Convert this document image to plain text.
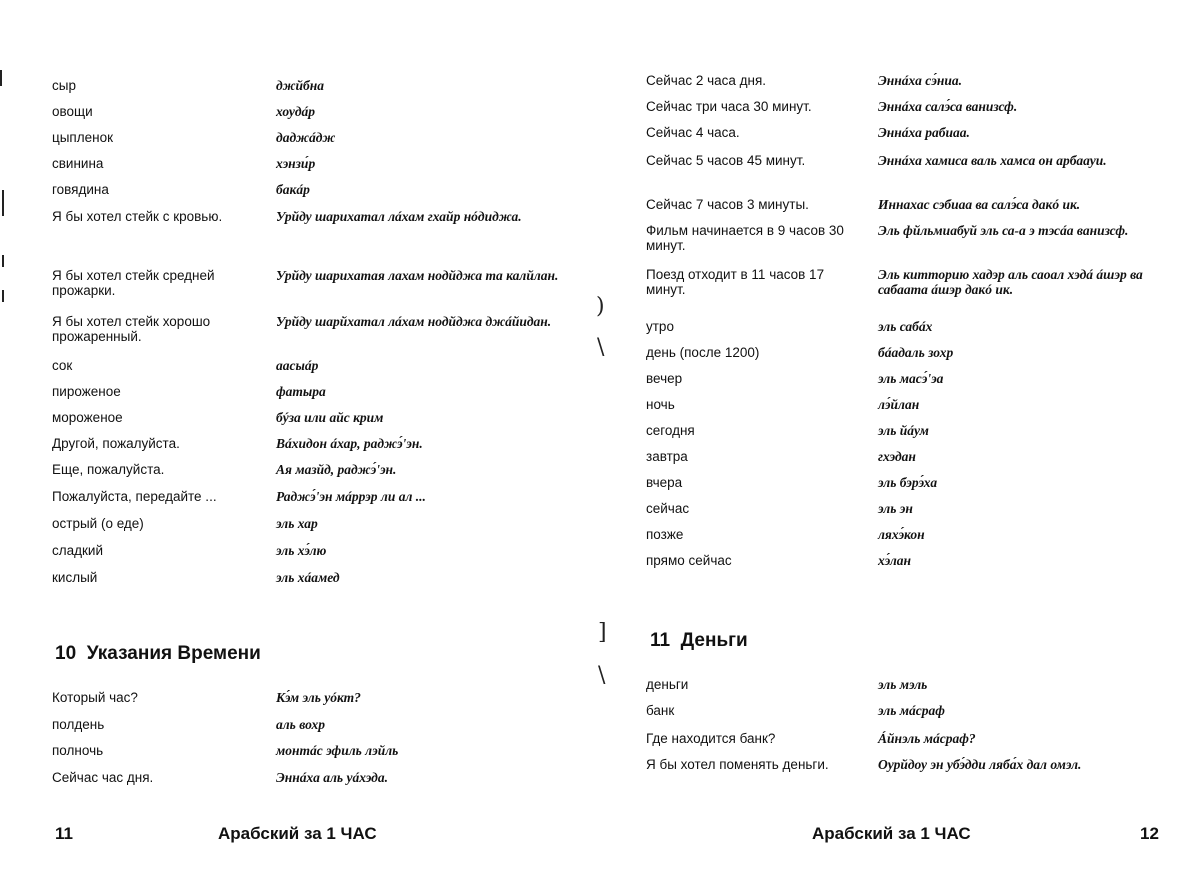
сыр	джйбна
овощи	хоудáр
цыпленок	даджáдж
свинина	хэнзи́р
говядина	бакáр
Я бы хотел стейк с кровью.	Урйду шарихатал лáхам гхайр нóдиджа.
Я бы хотел стейк средней прожарки.
Урйду шарихатая лахам нодйджа та калйлан.
Я бы хотел стейк хорошо прожаренный.
Урйду шарйхатал лáхам нодйджа джáйидан.
сок	аасыáр
пироженое	фатыра
мороженое	бýза или айс крим
Другой, пожалуйста.	Вáхидон áхар, раджэ́'эн.
Еще, пожалуйста.	Ая мазйд, раджэ́'эн.
Пожалуйста, передайте ...	Раджэ́'эн мáррэр ли ал ...
острый (о еде)	эль хар
сладкий	эль хэ́лю
кислый	эль хáамед
10 Указания Времени
Который час?	Кэ́м эль уóкт?
полдень	аль вохр
полночь	монтáс эфиль лэйль
Сейчас час дня.	Эннáха аль уáхэда.
11	Арабский за 1 ЧАС
Сейчас 2 часа дня.	Эннáха сэ́ниа.
Сейчас три часа 30 минут.	Эннáха салэ́са ванизсф.
Сейчас 4 часа.	Эннáха рабиаа.
Сейчас 5 часов 45 минут.	Эннáха хамиса валь хамса он арбаауи.
Сейчас 7 часов 3 минуты.	Иннахас сэбиаа ва салэ́са дакó ик.
Фильм начинается в 9 часов 30 минут.
Эль фйльмиабуй эль са-а э тэсáа ванизсф.
Поезд отходит в 11 часов 17 минут.
Эль китторию хадэр аль саоал хэдá áшэр ва сабаата áшэр дакó ик.
утро	эль сабáх
день (после 1200)	бáадаль зохр
вечер	эль масэ́'эа
ночь	лэ́йлан
сегодня	эль йáум
завтра	гхэдан
вчера	эль бэрэ́ха
сейчас	эль эн
позже	ляхэ́кон
прямо сейчас	хэ́лан
11 Деньги
деньги	эль мэль
банк	эль мáсраф
Где находится банк?	Áйнэль мáсраф?
Я бы хотел поменять деньги.	Оурйдоу эн убэ́дди ляба́х дал омэл.
Арабский за 1 ЧАС	12
)
\
]
\
